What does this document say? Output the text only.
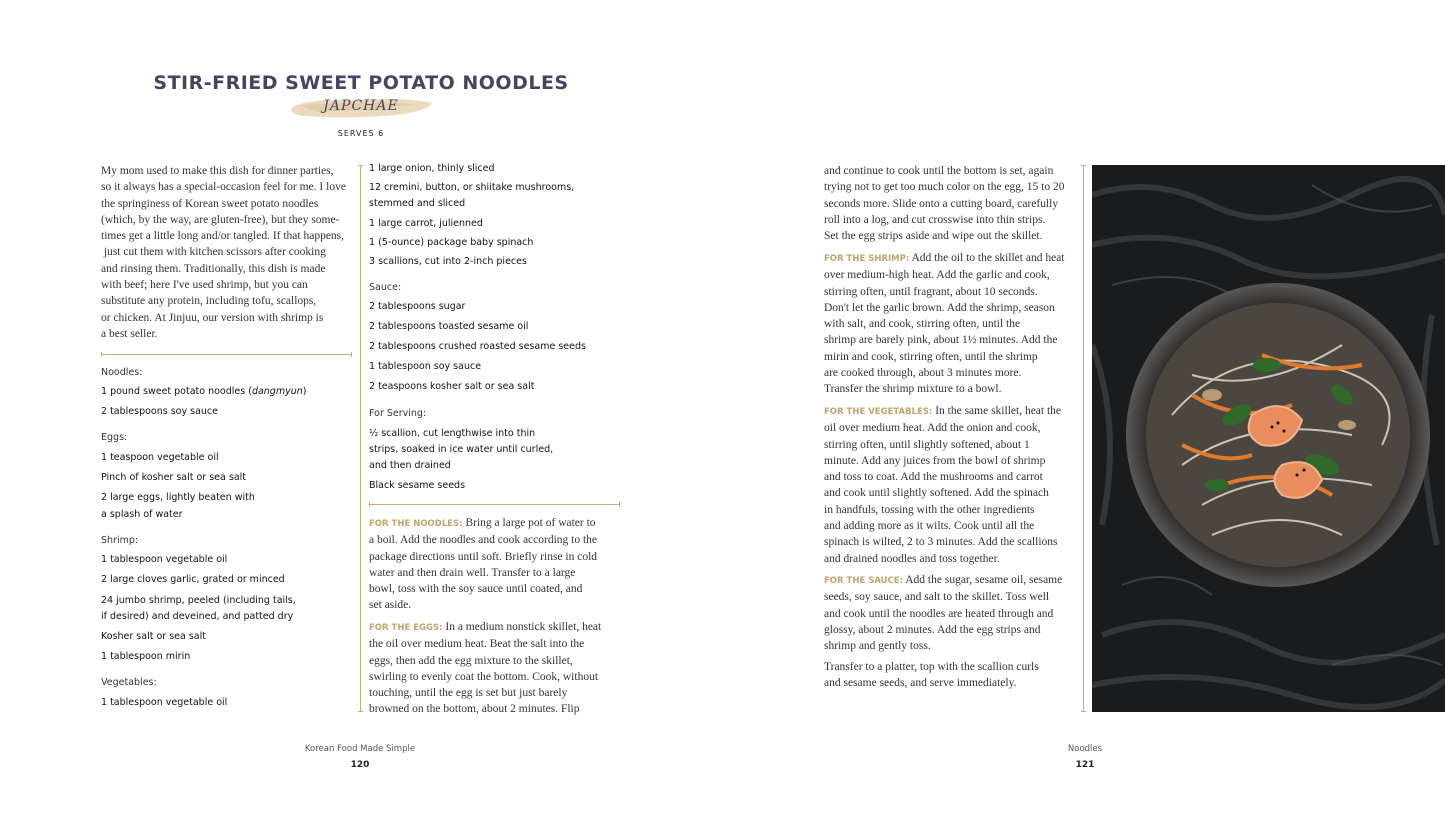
STIR-FRIED SWEET POTATO NOODLES
JAPCHAE
SERVES 6
My mom used to make this dish for dinner parties,
so it always has a special-occasion feel for me. I love
the springiness of Korean sweet potato noodles
(which, by the way, are gluten-free), but they some-
times get a little long and/or tangled. If that happens,
just cut them with kitchen scissors after cooking
and rinsing them. Traditionally, this dish is made
with beef; here I've used shrimp, but you can
substitute any protein, including tofu, scallops,
or chicken. At Jinjuu, our version with shrimp is
a best seller.
Noodles:
1 pound sweet potato noodles (dangmyun)
2 tablespoons soy sauce
Eggs:
1 teaspoon vegetable oil
Pinch of kosher salt or sea salt
2 large eggs, lightly beaten with
a splash of water
Shrimp:
1 tablespoon vegetable oil
2 large cloves garlic, grated or minced
24 jumbo shrimp, peeled (including tails,
if desired) and deveined, and patted dry
Kosher salt or sea salt
1 tablespoon mirin
Vegetables:
1 tablespoon vegetable oil
1 large onion, thinly sliced
12 cremini, button, or shiitake mushrooms,
stemmed and sliced
1 large carrot, julienned
1 (5-ounce) package baby spinach
3 scallions, cut into 2-inch pieces
Sauce:
2 tablespoons sugar
2 tablespoons toasted sesame oil
2 tablespoons crushed roasted sesame seeds
1 tablespoon soy sauce
2 teaspoons kosher salt or sea salt
For Serving:
½ scallion, cut lengthwise into thin
strips, soaked in ice water until curled,
and then drained
Black sesame seeds
FOR THE NOODLES: Bring a large pot of water to
a boil. Add the noodles and cook according to the
package directions until soft. Briefly rinse in cold
water and then drain well. Transfer to a large
bowl, toss with the soy sauce until coated, and
set aside.
FOR THE EGGS: In a medium nonstick skillet, heat
the oil over medium heat. Beat the salt into the
eggs, then add the egg mixture to the skillet,
swirling to evenly coat the bottom. Cook, without
touching, until the egg is set but just barely
browned on the bottom, about 2 minutes. Flip
and continue to cook until the bottom is set, again
trying not to get too much color on the egg, 15 to 20
seconds more. Slide onto a cutting board, carefully
roll into a log, and cut crosswise into thin strips.
Set the egg strips aside and wipe out the skillet.
FOR THE SHRIMP: Add the oil to the skillet and heat
over medium-high heat. Add the garlic and cook,
stirring often, until fragrant, about 10 seconds.
Don't let the garlic brown. Add the shrimp, season
with salt, and cook, stirring often, until the
shrimp are barely pink, about 1½ minutes. Add the
mirin and cook, stirring often, until the shrimp
are cooked through, about 3 minutes more.
Transfer the shrimp mixture to a bowl.
FOR THE VEGETABLES: In the same skillet, heat the
oil over medium heat. Add the onion and cook,
stirring often, until slightly softened, about 1
minute. Add any juices from the bowl of shrimp
and toss to coat. Add the mushrooms and carrot
and cook until slightly softened. Add the spinach
in handfuls, tossing with the other ingredients
and adding more as it wilts. Cook until all the
spinach is wilted, 2 to 3 minutes. Add the scallions
and drained noodles and toss together.
FOR THE SAUCE: Add the sugar, sesame oil, sesame
seeds, soy sauce, and salt to the skillet. Toss well
and cook until the noodles are heated through and
glossy, about 2 minutes. Add the egg strips and
shrimp and gently toss.
Transfer to a platter, top with the scallion curls
and sesame seeds, and serve immediately.
Korean Food Made Simple
120
Noodles
121
